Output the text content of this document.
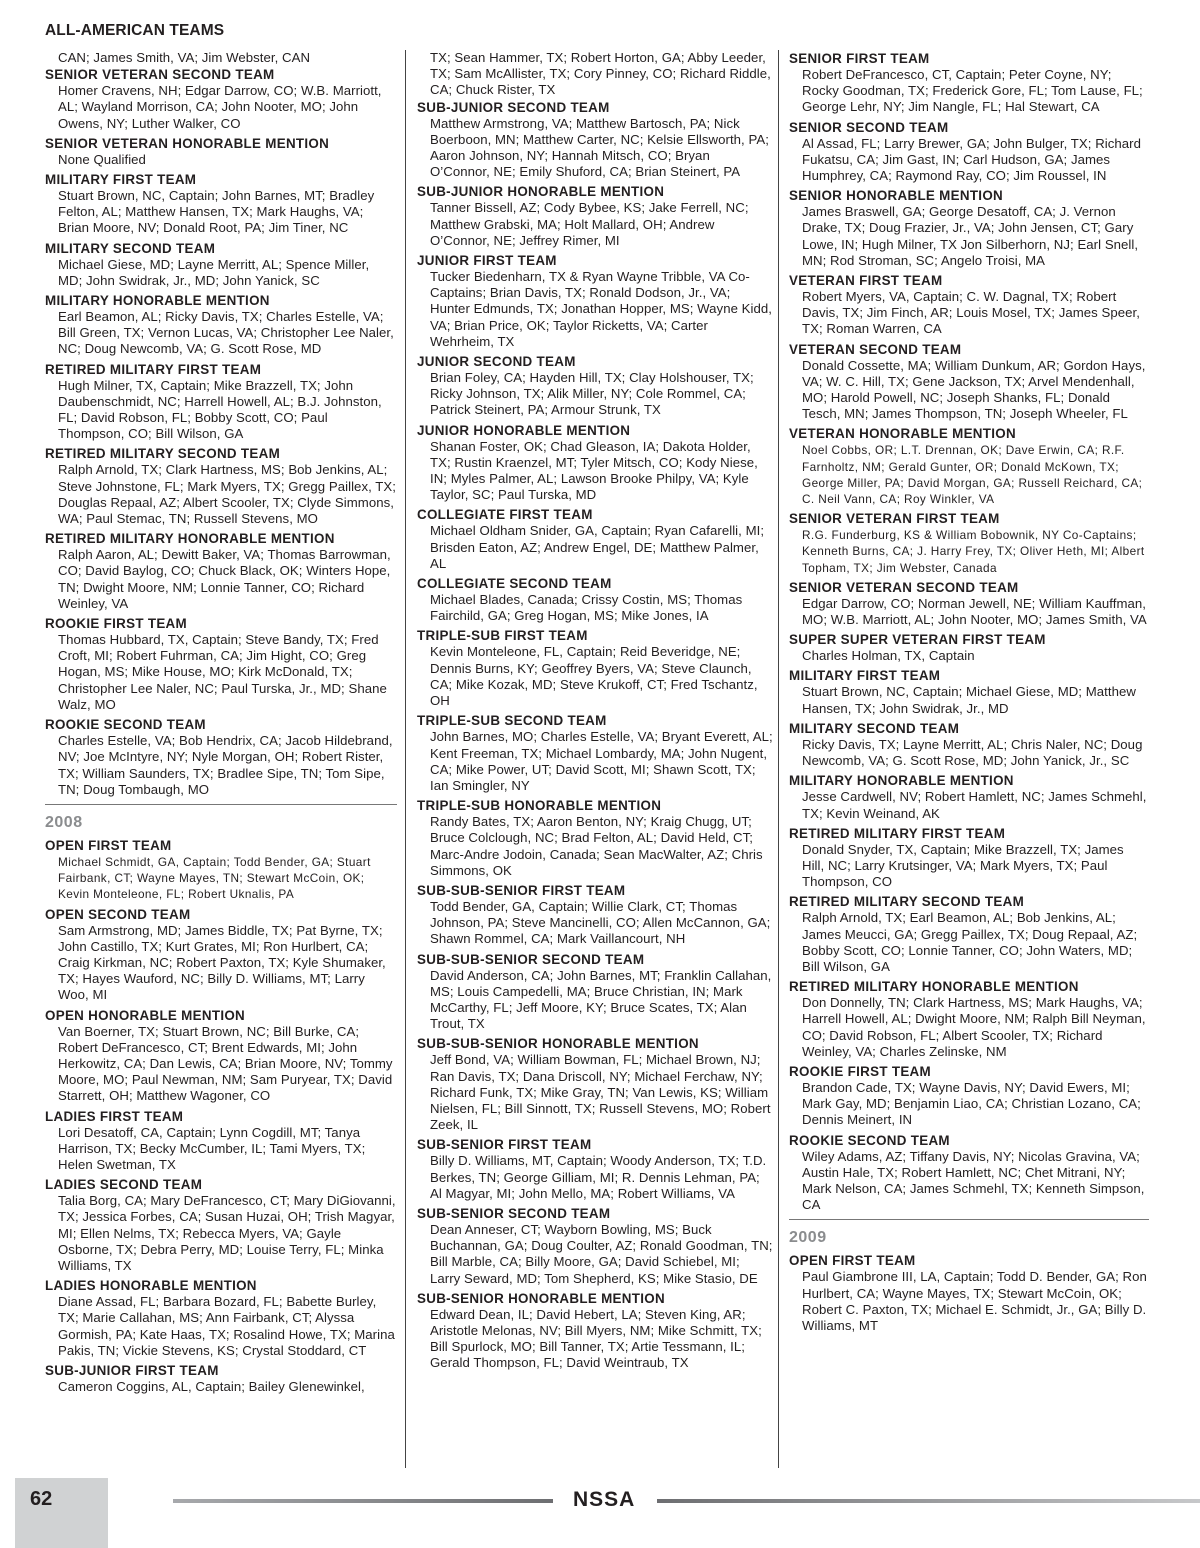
ALL-AMERICAN TEAMS
CAN; James Smith, VA; Jim Webster, CAN
SENIOR VETERAN SECOND TEAM
Homer Cravens, NH; Edgar Darrow, CO; W.B. Marriott, AL; Wayland Morrison, CA; John Nooter, MO; John Owens, NY; Luther Walker, CO
SENIOR VETERAN HONORABLE MENTION
None Qualified
MILITARY FIRST TEAM
Stuart Brown, NC, Captain; John Barnes, MT; Bradley Felton, AL; Matthew Hansen, TX; Mark Haughs, VA; Brian Moore, NV; Donald Root, PA; Jim Tiner, NC
MILITARY SECOND TEAM
Michael Giese, MD; Layne Merritt, AL; Spence Miller, MD; John Swidrak, Jr., MD; John Yanick, SC
MILITARY HONORABLE MENTION
Earl Beamon, AL; Ricky Davis, TX; Charles Estelle, VA; Bill Green, TX; Vernon Lucas, VA; Christopher Lee Naler, NC; Doug Newcomb, VA; G. Scott Rose, MD
RETIRED MILITARY FIRST TEAM
Hugh Milner, TX, Captain; Mike Brazzell, TX; John Daubenschmidt, NC; Harrell Howell, AL; B.J. Johnston, FL; David Robson, FL; Bobby Scott, CO; Paul Thompson, CO; Bill Wilson, GA
RETIRED MILITARY SECOND TEAM
Ralph Arnold, TX; Clark Hartness, MS; Bob Jenkins, AL; Steve Johnstone, FL; Mark Myers, TX; Gregg Paillex, TX; Douglas Repaal, AZ; Albert Scooler, TX; Clyde Simmons, WA; Paul Stemac, TN; Russell Stevens, MO
RETIRED MILITARY HONORABLE MENTION
Ralph Aaron, AL; Dewitt Baker, VA; Thomas Barrowman, CO; David Baylog, CO; Chuck Black, OK; Winters Hope, TN; Dwight Moore, NM; Lonnie Tanner, CO; Richard Weinley, VA
ROOKIE FIRST TEAM
Thomas Hubbard, TX, Captain; Steve Bandy, TX; Fred Croft, MI; Robert Fuhrman, CA; Jim Hight, CO; Greg Hogan, MS; Mike House, MO; Kirk McDonald, TX; Christopher Lee Naler, NC; Paul Turska, Jr., MD; Shane Walz, MO
ROOKIE SECOND TEAM
Charles Estelle, VA; Bob Hendrix, CA; Jacob Hildebrand, NV; Joe McIntyre, NY; Nyle Morgan, OH; Robert Rister, TX; William Saunders, TX; Bradlee Sipe, TN; Tom Sipe, TN; Doug Tombaugh, MO
2008
OPEN FIRST TEAM
Michael Schmidt, GA, Captain; Todd Bender, GA; Stuart Fairbank, CT; Wayne Mayes, TN; Stewart McCoin, OK; Kevin Monteleone, FL; Robert Uknalis, PA
OPEN SECOND TEAM
Sam Armstrong, MD; James Biddle, TX; Pat Byrne, TX; John Castillo, TX; Kurt Grates, MI; Ron Hurlbert, CA; Craig Kirkman, NC; Robert Paxton, TX; Kyle Shumaker, TX; Hayes Wauford, NC; Billy D. Williams, MT; Larry Woo, MI
OPEN HONORABLE MENTION
Van Boerner, TX; Stuart Brown, NC; Bill Burke, CA; Robert DeFrancesco, CT; Brent Edwards, MI; John Herkowitz, CA; Dan Lewis, CA; Brian Moore, NV; Tommy Moore, MO; Paul Newman, NM; Sam Puryear, TX; David Starrett, OH; Matthew Wagoner, CO
LADIES FIRST TEAM
Lori Desatoff, CA, Captain; Lynn Cogdill, MT; Tanya Harrison, TX; Becky McCumber, IL; Tami Myers, TX; Helen Swetman, TX
LADIES SECOND TEAM
Talia Borg, CA; Mary DeFrancesco, CT; Mary DiGiovanni, TX; Jessica Forbes, CA; Susan Huzai, OH; Trish Magyar, MI; Ellen Nelms, TX; Rebecca Myers, VA; Gayle Osborne, TX; Debra Perry, MD; Louise Terry, FL; Minka Williams, TX
LADIES HONORABLE MENTION
Diane Assad, FL; Barbara Bozard, FL; Babette Burley, TX; Marie Callahan, MS; Ann Fairbank, CT; Alyssa Gormish, PA; Kate Haas, TX; Rosalind Howe, TX; Marina Pakis, TN; Vickie Stevens, KS; Crystal Stoddard, CT
SUB-JUNIOR FIRST TEAM
Cameron Coggins, AL, Captain; Bailey Glenewinkel,
TX; Sean Hammer, TX; Robert Horton, GA; Abby Leeder, TX; Sam McAllister, TX; Cory Pinney, CO; Richard Riddle, CA; Chuck Rister, TX
SUB-JUNIOR SECOND TEAM
Matthew Armstrong, VA; Matthew Bartosch, PA; Nick Boerboon, MN; Matthew Carter, NC; Kelsie Ellsworth, PA; Aaron Johnson, NY; Hannah Mitsch, CO; Bryan O’Connor, NE; Emily Shuford, CA; Brian Steinert, PA
SUB-JUNIOR HONORABLE MENTION
Tanner Bissell, AZ; Cody Bybee, KS; Jake Ferrell, NC; Matthew Grabski, MA; Holt Mallard, OH; Andrew O’Connor, NE; Jeffrey Rimer, MI
JUNIOR FIRST TEAM
Tucker Biedenharn, TX & Ryan Wayne Tribble, VA Co-Captains; Brian Davis, TX; Ronald Dodson, Jr., VA; Hunter Edmunds, TX; Jonathan Hopper, MS; Wayne Kidd, VA; Brian Price, OK; Taylor Ricketts, VA; Carter Wehrheim, TX
JUNIOR SECOND TEAM
Brian Foley, CA; Hayden Hill, TX; Clay Holshouser, TX; Ricky Johnson, TX; Alik Miller, NY; Cole Rommel, CA; Patrick Steinert, PA; Armour Strunk, TX
JUNIOR HONORABLE MENTION
Shanan Foster, OK; Chad Gleason, IA; Dakota Holder, TX; Rustin Kraenzel, MT; Tyler Mitsch, CO; Kody Niese, IN; Myles Palmer, AL; Lawson Brooke Philpy, VA; Kyle Taylor, SC; Paul Turska, MD
COLLEGIATE FIRST TEAM
Michael Oldham Snider, GA, Captain; Ryan Cafarelli, MI; Brisden Eaton, AZ; Andrew Engel, DE; Matthew Palmer, AL
COLLEGIATE SECOND TEAM
Michael Blades, Canada; Crissy Costin, MS; Thomas Fairchild, GA; Greg Hogan, MS; Mike Jones, IA
TRIPLE-SUB FIRST TEAM
Kevin Monteleone, FL, Captain; Reid Beveridge, NE; Dennis Burns, KY; Geoffrey Byers, VA; Steve Claunch, CA; Mike Kozak, MD; Steve Krukoff, CT; Fred Tschantz, OH
TRIPLE-SUB SECOND TEAM
John Barnes, MO; Charles Estelle, VA; Bryant Everett, AL; Kent Freeman, TX; Michael Lombardy, MA; John Nugent, CA; Mike Power, UT; David Scott, MI; Shawn Scott, TX; Ian Smingler, NY
TRIPLE-SUB HONORABLE MENTION
Randy Bates, TX; Aaron Benton, NY; Kraig Chugg, UT; Bruce Colclough, NC; Brad Felton, AL; David Held, CT; Marc-Andre Jodoin, Canada; Sean MacWalter, AZ; Chris Simmons, OK
SUB-SUB-SENIOR FIRST TEAM
Todd Bender, GA, Captain; Willie Clark, CT; Thomas Johnson, PA; Steve Mancinelli, CO; Allen McCannon, GA; Shawn Rommel, CA; Mark Vaillancourt, NH
SUB-SUB-SENIOR SECOND TEAM
David Anderson, CA; John Barnes, MT; Franklin Callahan, MS; Louis Campedelli, MA; Bruce Christian, IN; Mark McCarthy, FL; Jeff Moore, KY; Bruce Scates, TX; Alan Trout, TX
SUB-SUB-SENIOR HONORABLE MENTION
Jeff Bond, VA; William Bowman, FL; Michael Brown, NJ; Ran Davis, TX; Dana Driscoll, NY; Michael Ferchaw, NY; Richard Funk, TX; Mike Gray, TN; Van Lewis, KS; William Nielsen, FL; Bill Sinnott, TX; Russell Stevens, MO; Robert Zeek, IL
SUB-SENIOR FIRST TEAM
Billy D. Williams, MT, Captain; Woody Anderson, TX; T.D. Berkes, TN; George Gilliam, MI; R. Dennis Lehman, PA; Al Magyar, MI; John Mello, MA; Robert Williams, VA
SUB-SENIOR SECOND TEAM
Dean Anneser, CT; Wayborn Bowling, MS; Buck Buchannan, GA; Doug Coulter, AZ; Ronald Goodman, TN; Bill Marble, CA; Billy Moore, GA; David Schiebel, MI; Larry Seward, MD; Tom Shepherd, KS; Mike Stasio, DE
SUB-SENIOR HONORABLE MENTION
Edward Dean, IL; David Hebert, LA; Steven King, AR; Aristotle Melonas, NV; Bill Myers, NM; Mike Schmitt, TX; Bill Spurlock, MO; Bill Tanner, TX; Artie Tessmann, IL; Gerald Thompson, FL; David Weintraub, TX
SENIOR FIRST TEAM
Robert DeFrancesco, CT, Captain; Peter Coyne, NY; Rocky Goodman, TX; Frederick Gore, FL; Tom Lause, FL; George Lehr, NY; Jim Nangle, FL; Hal Stewart, CA
SENIOR SECOND TEAM
Al Assad, FL; Larry Brewer, GA; John Bulger, TX; Richard Fukatsu, CA; Jim Gast, IN; Carl Hudson, GA; James Humphrey, CA; Raymond Ray, CO; Jim Roussel, IN
SENIOR HONORABLE MENTION
James Braswell, GA; George Desatoff, CA; J. Vernon Drake, TX; Doug Frazier, Jr., VA; John Jensen, CT; Gary Lowe, IN; Hugh Milner, TX Jon Silberhorn, NJ; Earl Snell, MN; Rod Stroman, SC; Angelo Troisi, MA
VETERAN FIRST TEAM
Robert Myers, VA, Captain; C. W. Dagnal, TX; Robert Davis, TX; Jim Finch, AR; Louis Mosel, TX; James Speer, TX; Roman Warren, CA
VETERAN SECOND TEAM
Donald Cossette, MA; William Dunkum, AR; Gordon Hays, VA; W. C. Hill, TX; Gene Jackson, TX; Arvel Mendenhall, MO; Harold Powell, NC; Joseph Shanks, FL; Donald Tesch, MN; James Thompson, TN; Joseph Wheeler, FL
VETERAN HONORABLE MENTION
Noel Cobbs, OR; L.T. Drennan, OK; Dave Erwin, CA; R.F. Farnholtz, NM; Gerald Gunter, OR; Donald McKown, TX; George Miller, PA; David Morgan, GA; Russell Reichard, CA; C. Neil Vann, CA; Roy Winkler, VA
SENIOR VETERAN FIRST TEAM
R.G. Funderburg, KS & William Bobownik, NY Co-Captains; Kenneth Burns, CA; J. Harry Frey, TX; Oliver Heth, MI; Albert Topham, TX; Jim Webster, Canada
SENIOR VETERAN SECOND TEAM
Edgar Darrow, CO; Norman Jewell, NE; William Kauffman, MO; W.B. Marriott, AL; John Nooter, MO; James Smith, VA
SUPER SUPER VETERAN FIRST TEAM
Charles Holman, TX, Captain
MILITARY FIRST TEAM
Stuart Brown, NC, Captain; Michael Giese, MD; Matthew Hansen, TX; John Swidrak, Jr., MD
MILITARY SECOND TEAM
Ricky Davis, TX; Layne Merritt, AL; Chris Naler, NC; Doug Newcomb, VA; G. Scott Rose, MD; John Yanick, Jr., SC
MILITARY HONORABLE MENTION
Jesse Cardwell, NV; Robert Hamlett, NC; James Schmehl, TX; Kevin Weinand, AK
RETIRED MILITARY FIRST TEAM
Donald Snyder, TX, Captain; Mike Brazzell, TX; James Hill, NC; Larry Krutsinger, VA; Mark Myers, TX; Paul Thompson, CO
RETIRED MILITARY SECOND TEAM
Ralph Arnold, TX; Earl Beamon, AL; Bob Jenkins, AL; James Meucci, GA; Gregg Paillex, TX; Doug Repaal, AZ; Bobby Scott, CO; Lonnie Tanner, CO; John Waters, MD; Bill Wilson, GA
RETIRED MILITARY HONORABLE MENTION
Don Donnelly, TN; Clark Hartness, MS; Mark Haughs, VA; Harrell Howell, AL; Dwight Moore, NM; Ralph Bill Neyman, CO; David Robson, FL; Albert Scooler, TX; Richard Weinley, VA; Charles Zelinske, NM
ROOKIE FIRST TEAM
Brandon Cade, TX; Wayne Davis, NY; David Ewers, MI; Mark Gay, MD; Benjamin Liao, CA; Christian Lozano, CA; Dennis Meinert, IN
ROOKIE SECOND TEAM
Wiley Adams, AZ; Tiffany Davis, NY; Nicolas Gravina, VA; Austin Hale, TX; Robert Hamlett, NC; Chet Mitrani, NY; Mark Nelson, CA; James Schmehl, TX; Kenneth Simpson, CA
2009
OPEN FIRST TEAM
Paul Giambrone III, LA, Captain; Todd D. Bender, GA; Ron Hurlbert, CA; Wayne Mayes, TX; Stewart McCoin, OK; Robert C. Paxton, TX; Michael E. Schmidt, Jr., GA; Billy D. Williams, MT
62	NSSA
